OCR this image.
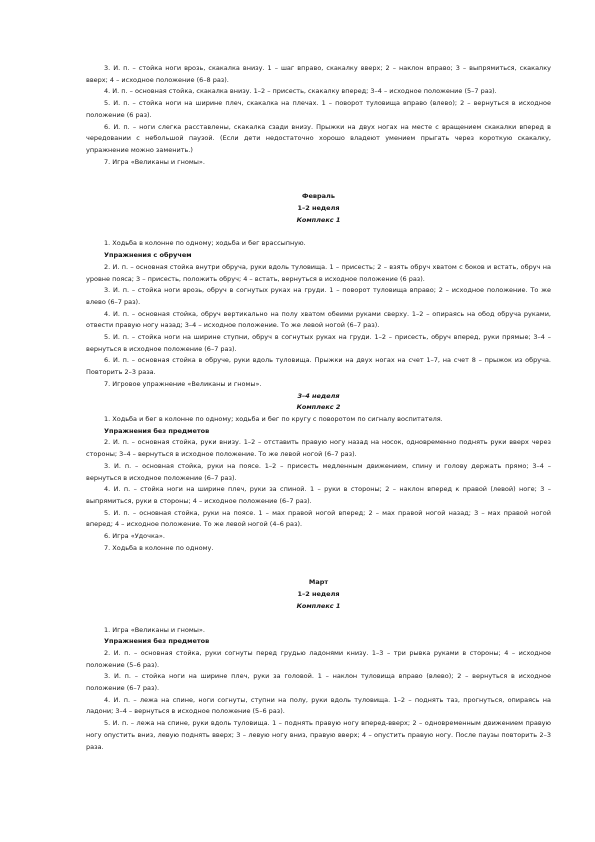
3. И. п. – стойка ноги врозь, скакалка внизу. 1 – шаг вправо, скакалку вверх; 2 – наклон вправо; 3 – выпрямиться, скакалку вверх; 4 – исходное положение (6–8 раз).

4. И. п. – основная стойка, скакалка внизу. 1–2 – присесть, скакалку вперед; 3–4 – исходное положение (5–7 раз).

5. И. п. – стойка ноги на ширине плеч, скакалка на плечах. 1 – поворот туловища вправо (влево); 2 – вернуться в исходное положение (6 раз).

6. И. п. – ноги слегка расставлены, скакалка сзади внизу. Прыжки на двух ногах на месте с вращением скакалки вперед в чередовании с небольшой паузой. (Если дети недостаточно хорошо владеют умением прыгать через короткую скакалку, упражнение можно заменить.)

7. Игра «Великаны и гномы».

Февраль

1–2 неделя

Комплекс 1

1. Ходьба в колонне по одному; ходьба и бег врассыпную.

Упражнения с обручем

2. И. п. – основная стойка внутри обруча, руки вдоль туловища. 1 – присесть; 2 – взять обруч хватом с боков и встать, обруч на уровне пояса; 3 – присесть, положить обруч; 4 – встать, вернуться в исходное положение (6 раз).

3. И. п. – стойка ноги врозь, обруч в согнутых руках на груди. 1 – поворот туловища вправо; 2 – исходное положение. То же влево (6–7 раз).

4. И. п. – основная стойка, обруч вертикально на полу хватом обеими руками сверху. 1–2 – опираясь на обод обруча руками, отвести правую ногу назад; 3–4 – исходное положение. То же левой ногой (6–7 раз).

5. И. п. – стойка ноги на ширине ступни, обруч в согнутых руках на груди. 1–2 – присесть, обруч вперед, руки прямые; 3–4 – вернуться в исходное положение (6–7 раз).

6. И. п. – основная стойка в обруче, руки вдоль туловища. Прыжки на двух ногах на счет 1–7, на счет 8 – прыжок из обруча. Повторить 2–3 раза.

7. Игровое упражнение «Великаны и гномы».

3–4 неделя

Комплекс 2

1. Ходьба и бег в колонне по одному; ходьба и бег по кругу с поворотом по сигналу воспитателя.

Упражнения без предметов

2. И. п. – основная стойка, руки внизу. 1–2 – отставить правую ногу назад на носок, одновременно поднять руки вверх через стороны; 3–4 – вернуться в исходное положение. То же левой ногой (6–7 раз).

3. И. п. – основная стойка, руки на поясе. 1–2 – присесть медленным движением, спину и голову держать прямо; 3–4 – вернуться в исходное положение (6–7 раз).

4. И. п. – стойка ноги на ширине плеч, руки за спиной. 1 – руки в стороны; 2 – наклон вперед к правой (левой) ноге; 3 – выпрямиться, руки в стороны; 4 – исходное положение (6–7 раз).

5. И. п. – основная стойка, руки на поясе. 1 – мах правой ногой вперед; 2 – мах правой ногой назад; 3 – мах правой ногой вперед; 4 – исходное положение. То же левой ногой (4–6 раз).

6. Игра «Удочка».

7. Ходьба в колонне по одному.

Март

1–2 неделя

Комплекс 1

1. Игра «Великаны и гномы».

Упражнения без предметов

2. И. п. – основная стойка, руки согнуты перед грудью ладонями книзу. 1–3 – три рывка руками в стороны; 4 – исходное положение (5–6 раз).

3. И. п. – стойка ноги на ширине плеч, руки за головой. 1 – наклон туловища вправо (влево); 2 – вернуться в исходное положение (6–7 раз).

4. И. п. – лежа на спине, ноги согнуты, ступни на полу, руки вдоль туловища. 1–2 – поднять таз, прогнуться, опираясь на ладони; 3–4 – вернуться в исходное положение (5–6 раз).

5. И. п. – лежа на спине, руки вдоль туловища. 1 – поднять правую ногу вперед-вверх; 2 – одновременным движением правую ногу опустить вниз, левую поднять вверх; 3 – левую ногу вниз, правую вверх; 4 – опустить правую ногу. После паузы повторить 2–3 раза.
